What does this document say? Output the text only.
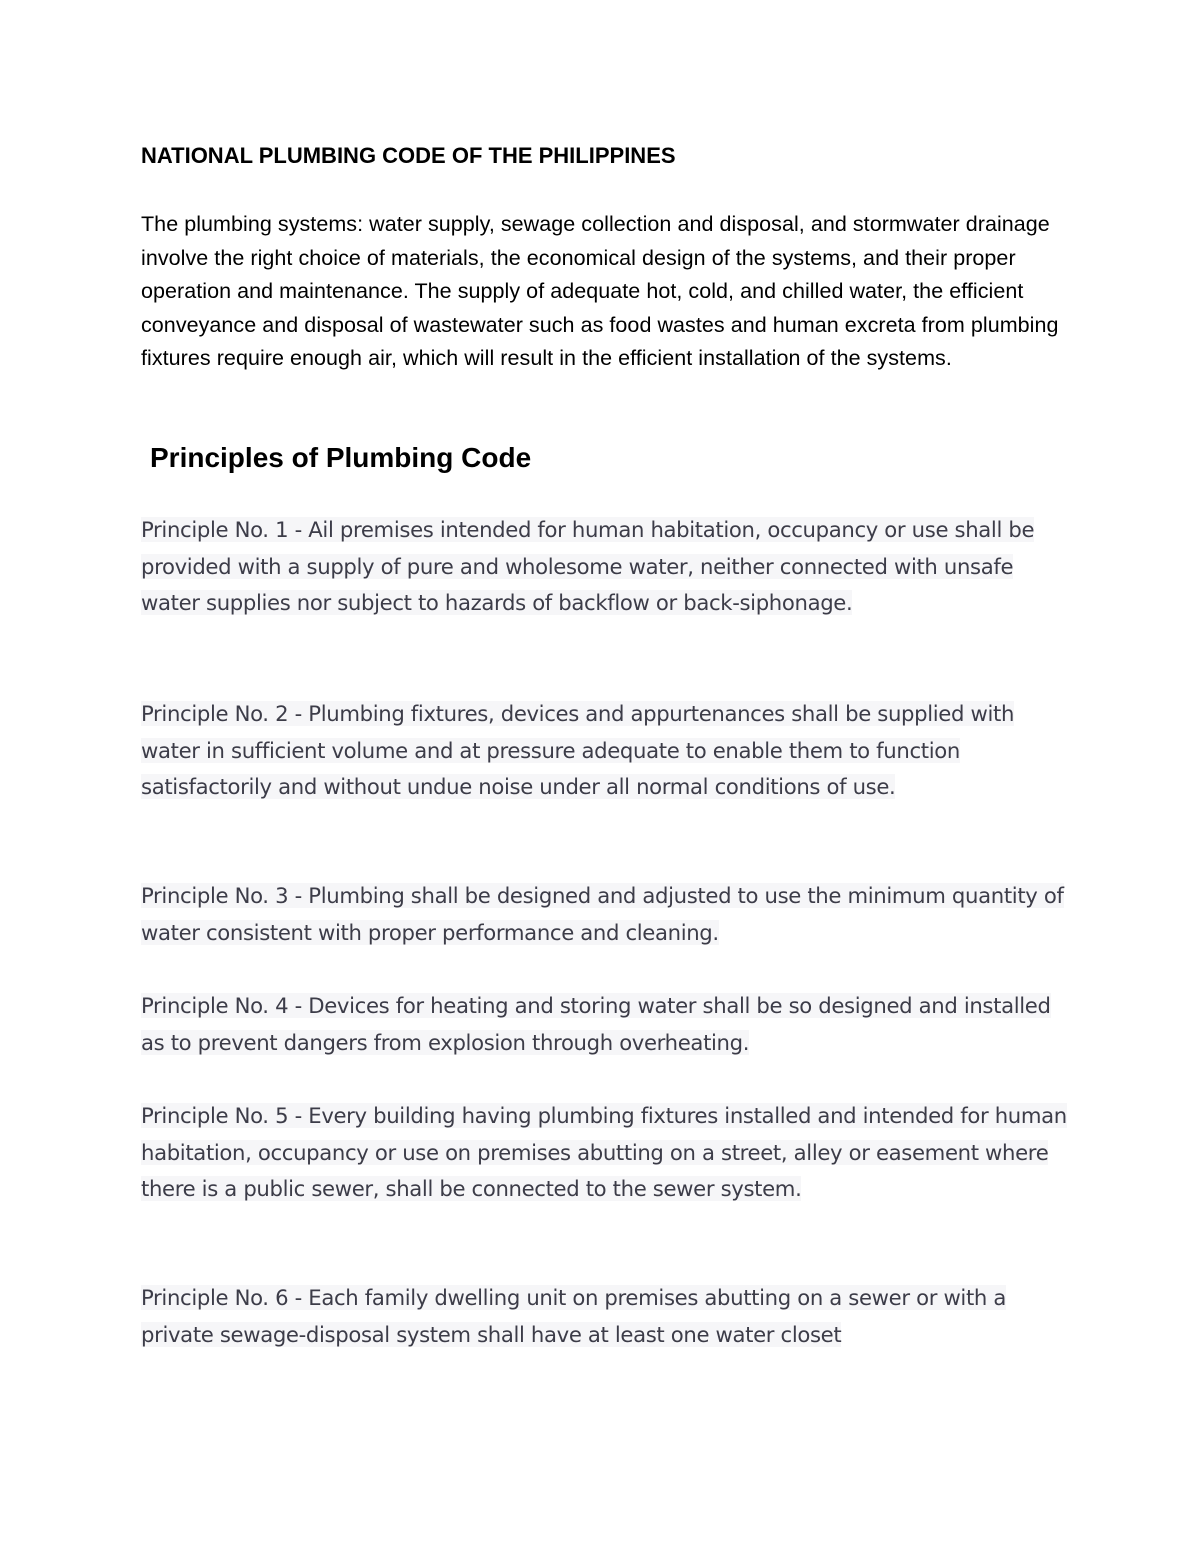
NATIONAL PLUMBING CODE OF THE PHILIPPINES

The plumbing systems: water supply, sewage collection and disposal, and stormwater drainage involve the right choice of materials, the economical design of the systems, and their proper operation and maintenance. The supply of adequate hot, cold, and chilled water, the efficient conveyance and disposal of wastewater such as food wastes and human excreta from plumbing fixtures require enough air, which will result in the efficient installation of the systems.

Principles of Plumbing Code

Principle No. 1 - Ail premises intended for human habitation, occupancy or use shall be provided with a supply of pure and wholesome water, neither connected with unsafe water supplies nor subject to hazards of backflow or back-siphonage.

Principle No. 2 - Plumbing fixtures, devices and appurtenances shall be supplied with water in sufficient volume and at pressure adequate to enable them to function satisfactorily and without undue noise under all normal conditions of use.

Principle No. 3 - Plumbing shall be designed and adjusted to use the minimum quantity of water consistent with proper performance and cleaning.

Principle No. 4 - Devices for heating and storing water shall be so designed and installed as to prevent dangers from explosion through overheating.

Principle No. 5 - Every building having plumbing fixtures installed and intended for human habitation, occupancy or use on premises abutting on a street, alley or easement where there is a public sewer, shall be connected to the sewer system.

Principle No. 6 - Each family dwelling unit on premises abutting on a sewer or with a private sewage-disposal system shall have at least one water closet
